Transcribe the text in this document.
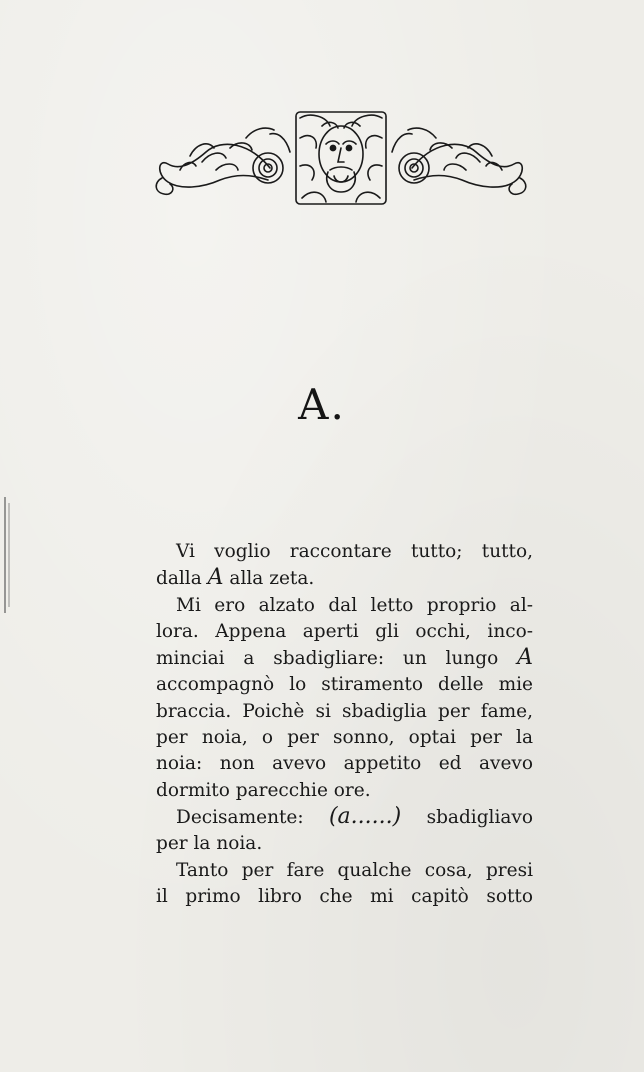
A.
Vi voglio raccontare tutto; tutto,
dalla A alla zeta.
Mi ero alzato dal letto proprio al-
lora. Appena aperti gli occhi, inco-
minciai a sbadigliare: un lungo A
accompagnò lo stiramento delle mie
braccia. Poichè si sbadiglia per fame,
per noia, o per sonno, optai per la
noia: non avevo appetito ed avevo
dormito parecchie ore.
Decisamente: (a......) sbadigliavo
per la noia.
Tanto per fare qualche cosa, presi
il primo libro che mi capitò sotto
